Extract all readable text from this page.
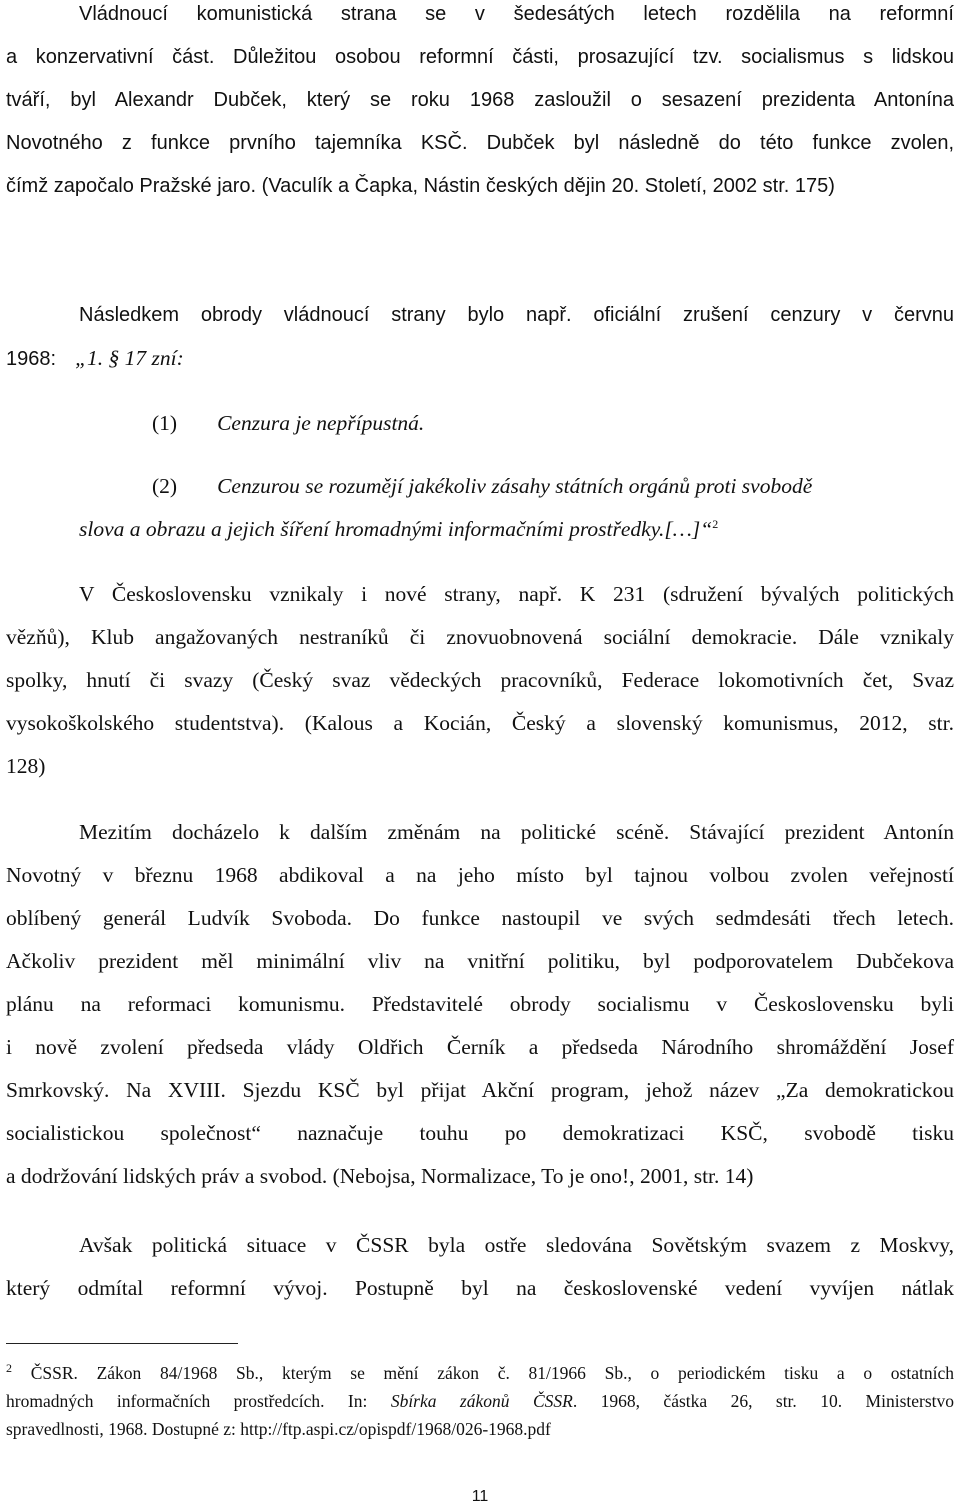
Vládnoucí komunistická strana se v šedesátých letech rozdělila na reformní
a konzervativní část. Důležitou osobou reformní části, prosazující tzv. socialismus s lidskou
tváří, byl Alexandr Dubček, který se roku 1968 zasloužil o sesazení prezidenta Antonína
Novotného z funkce prvního tajemníka KSČ. Dubček byl následně do této funkce zvolen,
čímž započalo Pražské jaro. (Vaculík a Čapka, Nástin českých dějin 20. Století, 2002 str. 175)
Následkem obrody vládnoucí strany bylo např. oficiální zrušení cenzury v červnu
1968: „1. § 17 zní:
(1) Cenzura je nepřípustná.
(2) Cenzurou se rozumějí jakékoliv zásahy státních orgánů proti svobodě
slova a obrazu a jejich šíření hromadnými informačními prostředky.[…]“$^2$
V Československu vznikaly i nové strany, např. K 231 (sdružení bývalých politických
vězňů), Klub angažovaných nestraníků či znovuobnovená sociální demokracie. Dále vznikaly
spolky, hnutí či svazy (Český svaz vědeckých pracovníků, Federace lokomotivních čet, Svaz
vysokoškolského studentstva). (Kalous a Kocián, Český a slovenský komunismus, 2012, str.
128)
Mezitím docházelo k dalším změnám na politické scéně. Stávající prezident Antonín
Novotný v březnu 1968 abdikoval a na jeho místo byl tajnou volbou zvolen veřejností
oblíbený generál Ludvík Svoboda. Do funkce nastoupil ve svých sedmdesáti třech letech.
Ačkoliv prezident měl minimální vliv na vnitřní politiku, byl podporovatelem Dubčekova
plánu na reformaci komunismu. Představitelé obrody socialismu v Československu byli
i nově zvolení předseda vlády Oldřich Černík a předseda Národního shromáždění Josef
Smrkovský. Na XVIII. Sjezdu KSČ byl přijat Akční program, jehož název „Za demokratickou
socialistickou společnost“ naznačuje touhu po demokratizaci KSČ, svobodě tisku
a dodržování lidských práv a svobod. (Nebojsa, Normalizace, To je ono!, 2001, str. 14)
Avšak politická situace v ČSSR byla ostře sledována Sovětským svazem z Moskvy,
který odmítal reformní vývoj. Postupně byl na československé vedení vyvíjen nátlak
$^2$ ČSSR. Zákon 84/1968 Sb., kterým se mění zákon č. 81/1966 Sb., o periodickém tisku a o ostatních
hromadných informačních prostředcích. In: Sbírka zákonů ČSSR. 1968, částka 26, str. 10. Ministerstvo
spravedlnosti, 1968. Dostupné z: http://ftp.aspi.cz/opispdf/1968/026-1968.pdf
11
